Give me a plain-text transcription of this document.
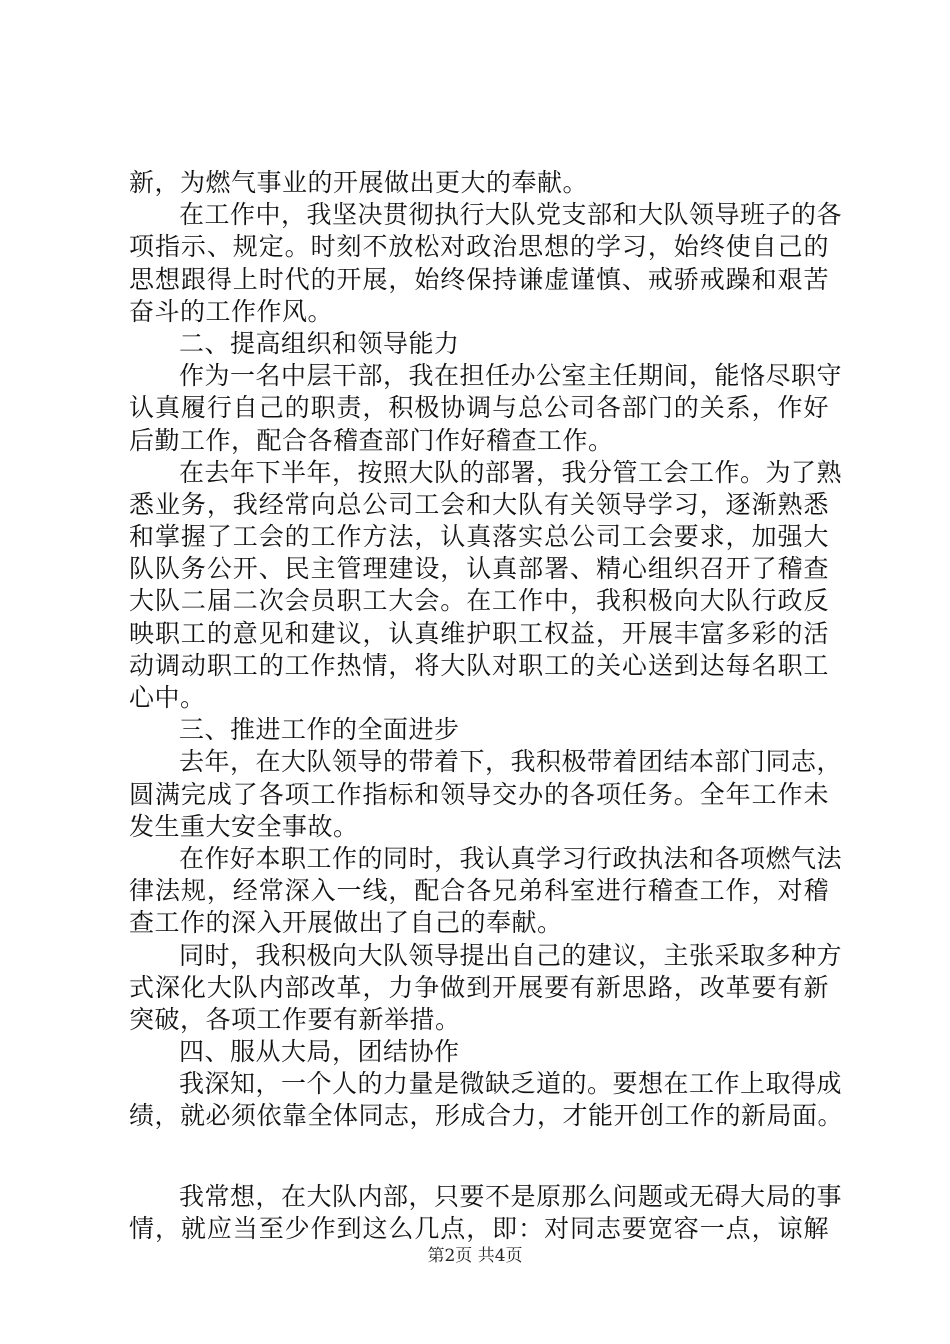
新，为燃气事业的开展做出更大的奉献。
在工作中，我坚决贯彻执行大队党支部和大队领导班子的各
项指示、规定。时刻不放松对政治思想的学习，始终使自己的
思想跟得上时代的开展，始终保持谦虚谨慎、戒骄戒躁和艰苦
奋斗的工作作风。
二、提高组织和领导能力
作为一名中层干部，我在担任办公室主任期间，能恪尽职守
认真履行自己的职责，积极协调与总公司各部门的关系，作好
后勤工作，配合各稽查部门作好稽查工作。
在去年下半年，按照大队的部署，我分管工会工作。为了熟
悉业务，我经常向总公司工会和大队有关领导学习，逐渐熟悉
和掌握了工会的工作方法，认真落实总公司工会要求，加强大
队队务公开、民主管理建设，认真部署、精心组织召开了稽查
大队二届二次会员职工大会。在工作中，我积极向大队行政反
映职工的意见和建议，认真维护职工权益，开展丰富多彩的活
动调动职工的工作热情，将大队对职工的关心送到达每名职工
心中。
三、推进工作的全面进步
去年，在大队领导的带着下，我积极带着团结本部门同志，
圆满完成了各项工作指标和领导交办的各项任务。全年工作未
发生重大安全事故。
在作好本职工作的同时，我认真学习行政执法和各项燃气法
律法规，经常深入一线，配合各兄弟科室进行稽查工作，对稽
查工作的深入开展做出了自己的奉献。
同时，我积极向大队领导提出自己的建议，主张采取多种方
式深化大队内部改革，力争做到开展要有新思路，改革要有新
突破，各项工作要有新举措。
四、服从大局，团结协作
我深知，一个人的力量是微缺乏道的。要想在工作上取得成
绩，就必须依靠全体同志，形成合力，才能开创工作的新局面。
我常想，在大队内部，只要不是原那么问题或无碍大局的事
情，就应当至少作到这么几点，即：对同志要宽容一点，谅解
第2页 共4页
